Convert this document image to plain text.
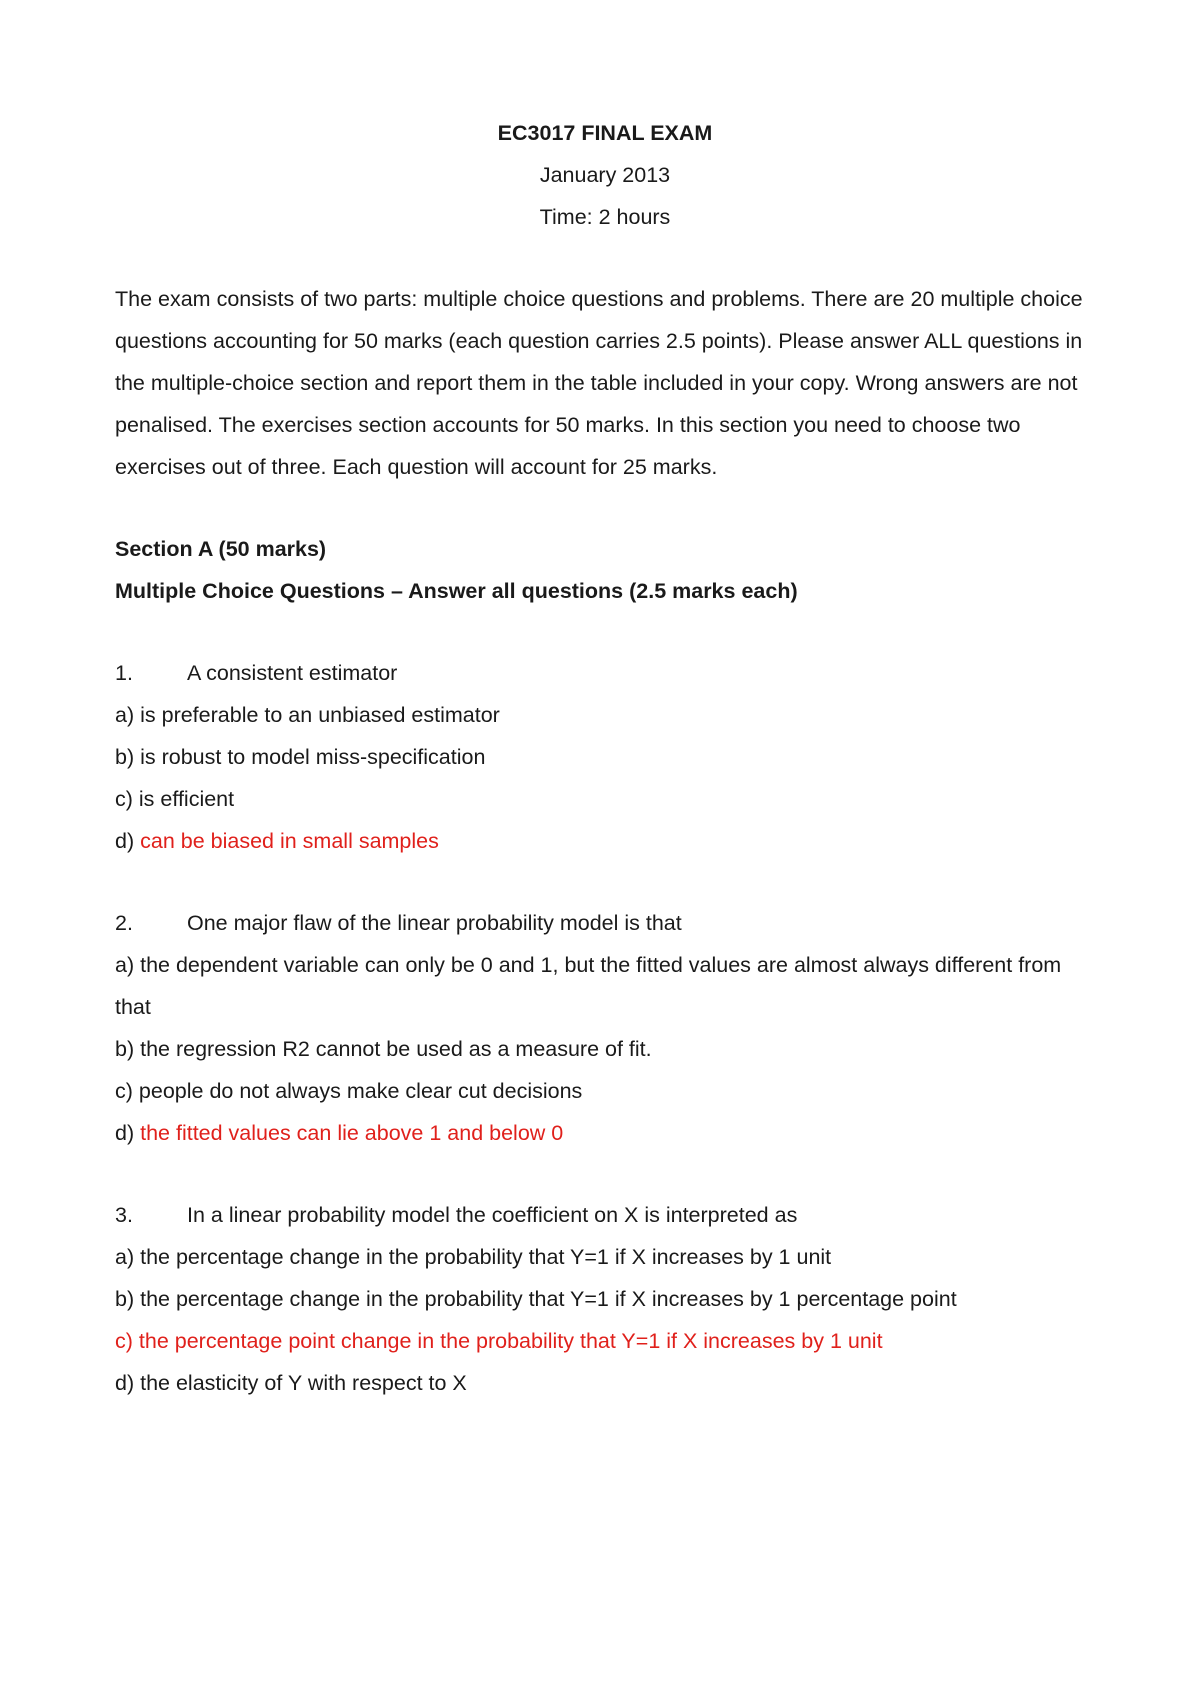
EC3017 FINAL EXAM
January 2013
Time: 2 hours

The exam consists of two parts: multiple choice questions and problems. There are 20 multiple choice questions accounting for 50 marks (each question carries 2.5 points). Please answer ALL questions in the multiple-choice section and report them in the table included in your copy. Wrong answers are not penalised. The exercises section accounts for 50 marks. In this section you need to choose two exercises out of three. Each question will account for 25 marks.

Section A (50 marks)
Multiple Choice Questions – Answer all questions (2.5 marks each)
1.	A consistent estimator
a) is preferable to an unbiased estimator
b) is robust to model miss-specification
c) is efficient
d) can be biased in small samples
2.	One major flaw of the linear probability model is that
a) the dependent variable can only be 0 and 1, but the fitted values are almost always different from that
b) the regression R2 cannot be used as a measure of fit.
c) people do not always make clear cut decisions
d) the fitted values can lie above 1 and below 0
3.	In a linear probability model the coefficient on X is interpreted as
a) the percentage change in the probability that Y=1 if X increases by 1 unit
b) the percentage change in the probability that Y=1 if X increases by 1 percentage point
c) the percentage point change in the probability that Y=1 if X increases by 1 unit
d) the elasticity of Y with respect to X
